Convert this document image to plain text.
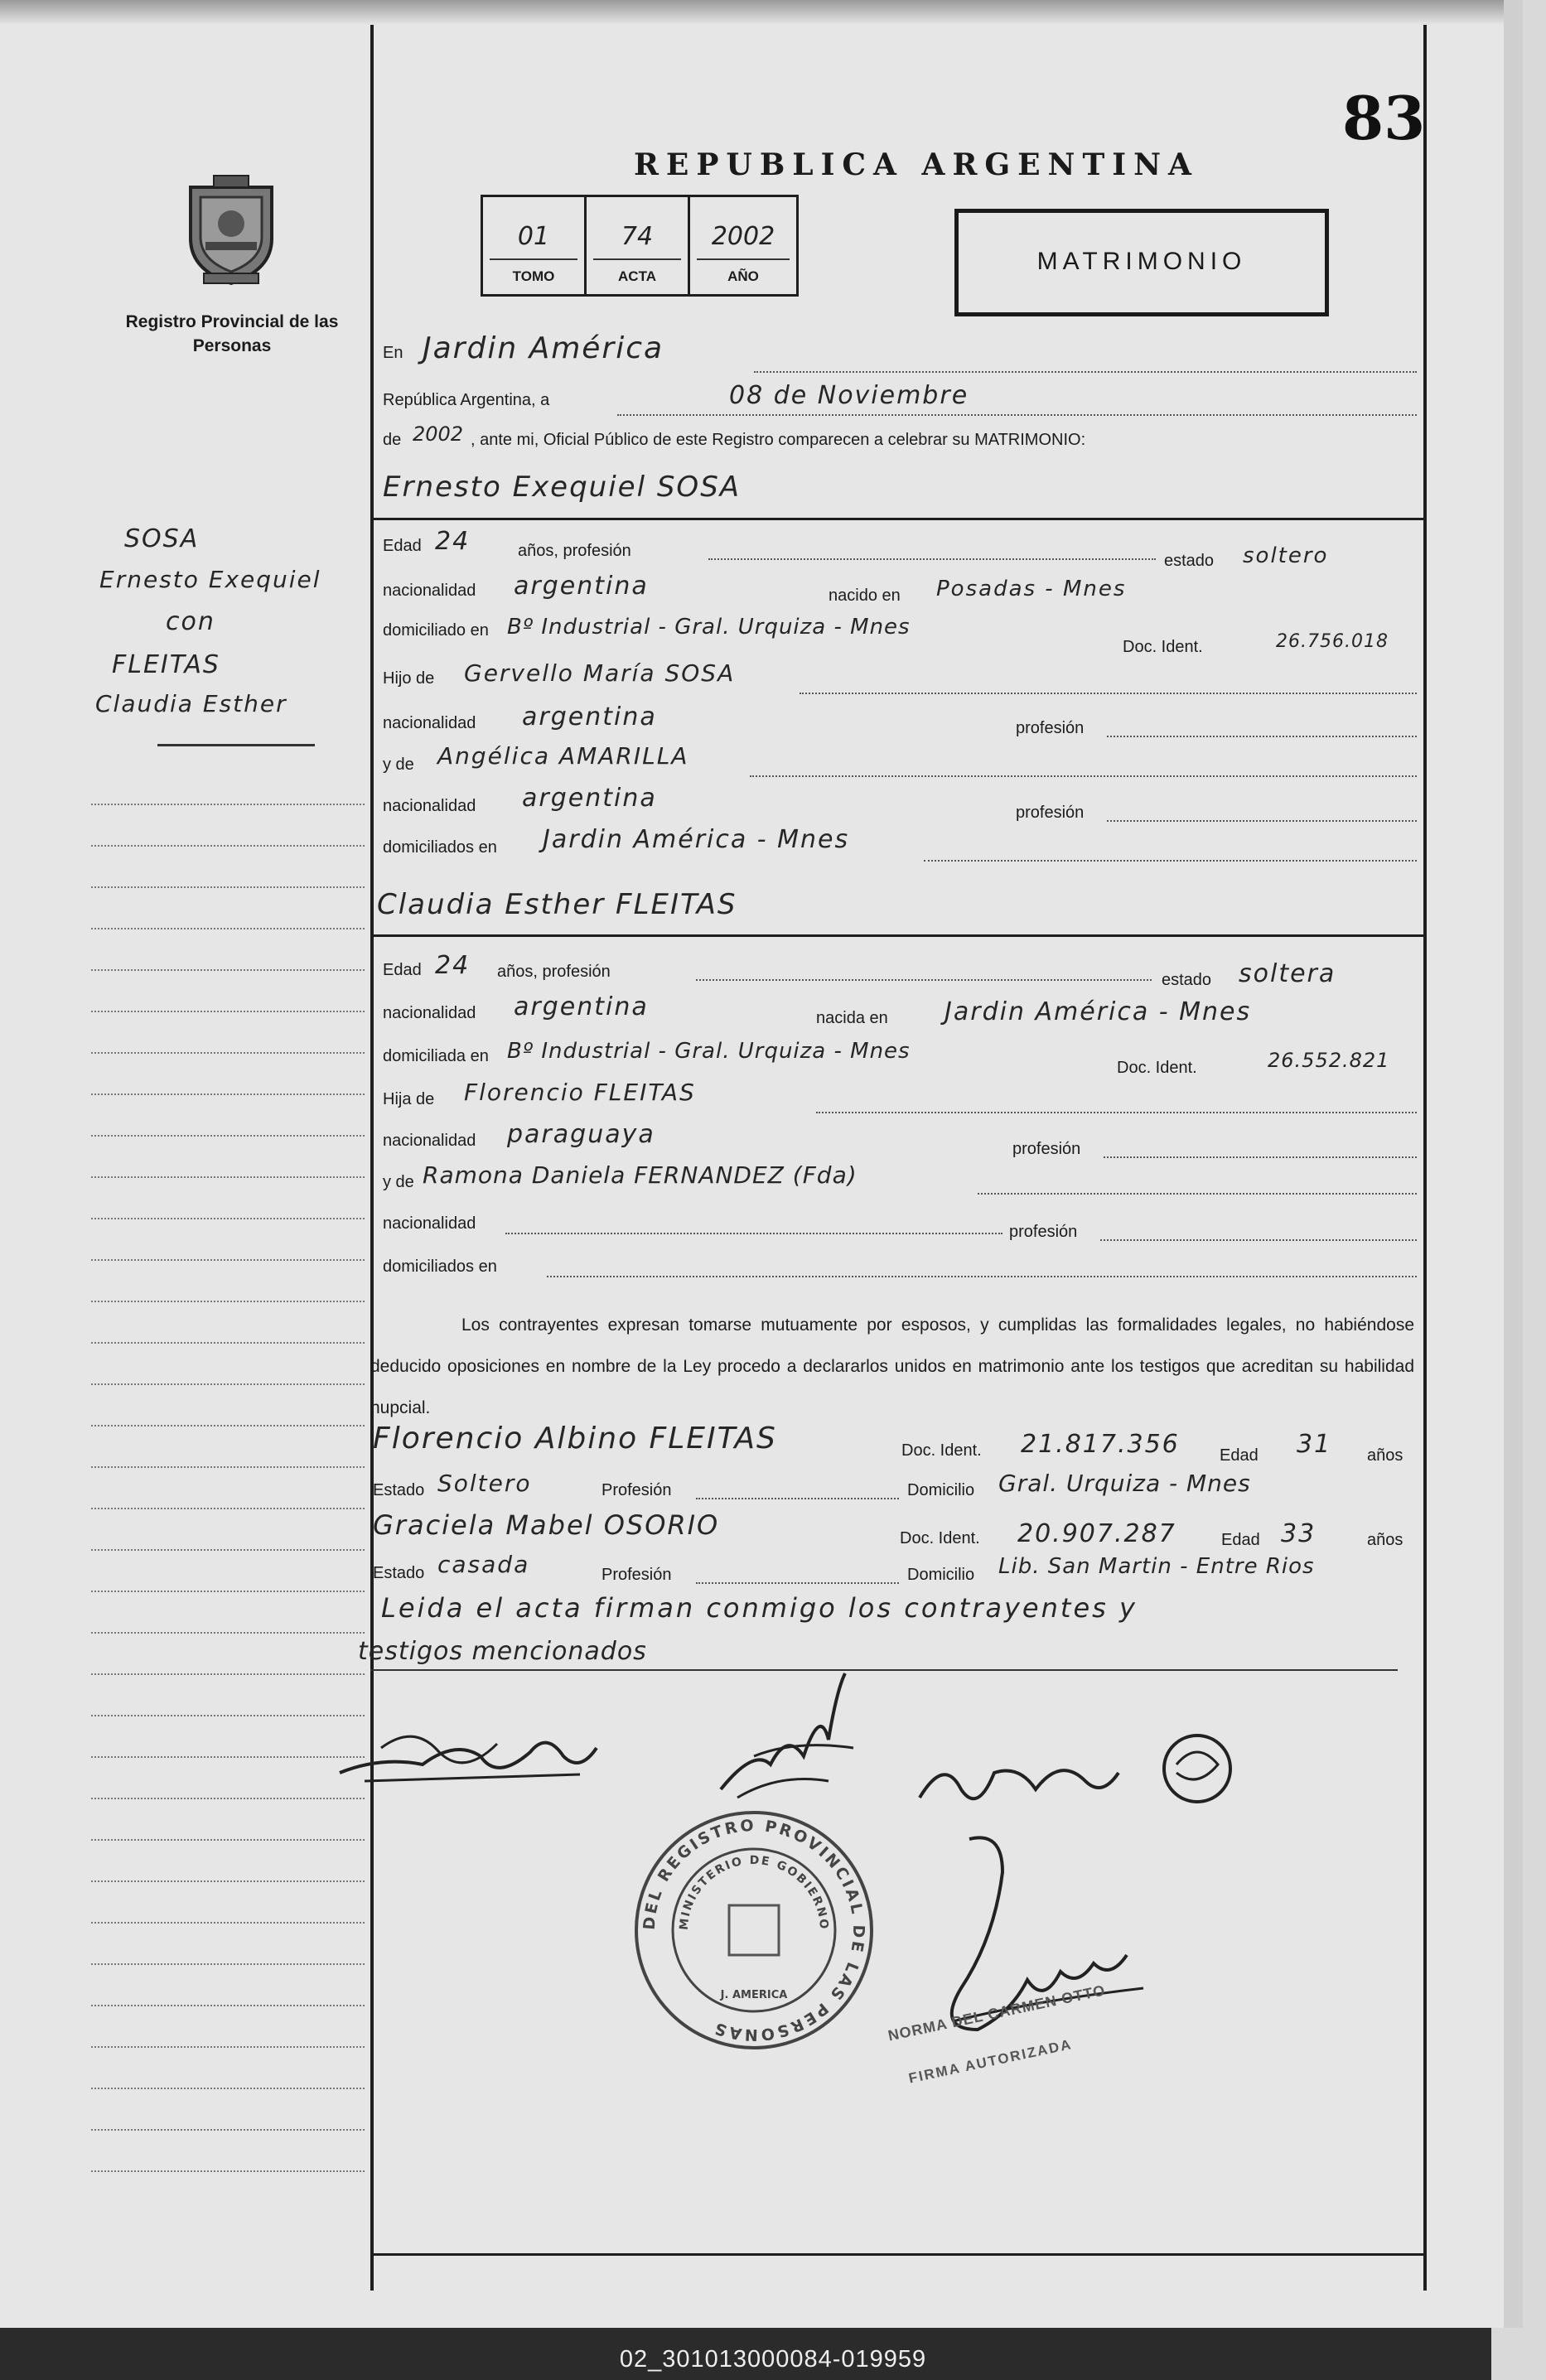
83
REPUBLICA ARGENTINA
Registro Provincial de las Personas
01
TOMO
74
ACTA
2002
AÑO
MATRIMONIO
SOSA
Ernesto Exequiel
con
FLEITAS
Claudia Esther
En Jardin América
República Argentina, a	08 de Noviembre
de 2002 , ante mi, Oficial Público de este Registro comparecen a celebrar su MATRIMONIO:
Ernesto Exequiel SOSA
Edad 24	años, profesión
estado soltero
nacionalidad argentina	nacido en Posadas - Mnes
domiciliado en Bº Industrial - Gral. Urquiza - Mnes
Doc. Ident.	26.756.018
Hijo de Gervello María SOSA
nacionalidad argentina	profesión
y de Angélica AMARILLA
nacionalidad argentina	profesión
domiciliados en Jardin América - Mnes
Claudia Esther FLEITAS
Edad 24 años, profesión	estado soltera
nacionalidad argentina	nacida en Jardin América - Mnes
domiciliada en Bº Industrial - Gral. Urquiza - Mnes
Doc. Ident.	26.552.821
Hija de Florencio FLEITAS
nacionalidad paraguaya	profesión
y de Ramona Daniela FERNANDEZ (Fda)
nacionalidad	profesión
domiciliados en
Los contrayentes expresan tomarse mutuamente por esposos, y cumplidas las formalidades legales, no habiéndose deducido oposiciones en nombre de la Ley procedo a declararlos unidos en matrimonio ante los testigos que acreditan su habilidad nupcial.
Florencio Albino FLEITAS	Doc. Ident. 21.817.356 Edad 31 años
Estado Soltero	Profesión	Domicilio Gral. Urquiza - Mnes
Graciela Mabel OSORIO	Doc. Ident. 20.907.287	Edad 33	años
Estado casada	Profesión	Domicilio Lib. San Martin - Entre Rios
Leida el acta firman conmigo los contrayentes y
testigos mencionados
DEL REGISTRO PROVINCIAL DE LAS PERSONAS
MINISTERIO DE GOBIERNO
J. AMERICA	NORMA DEL CARMEN OTTO
FIRMA AUTORIZADA
02_301013000084-019959
